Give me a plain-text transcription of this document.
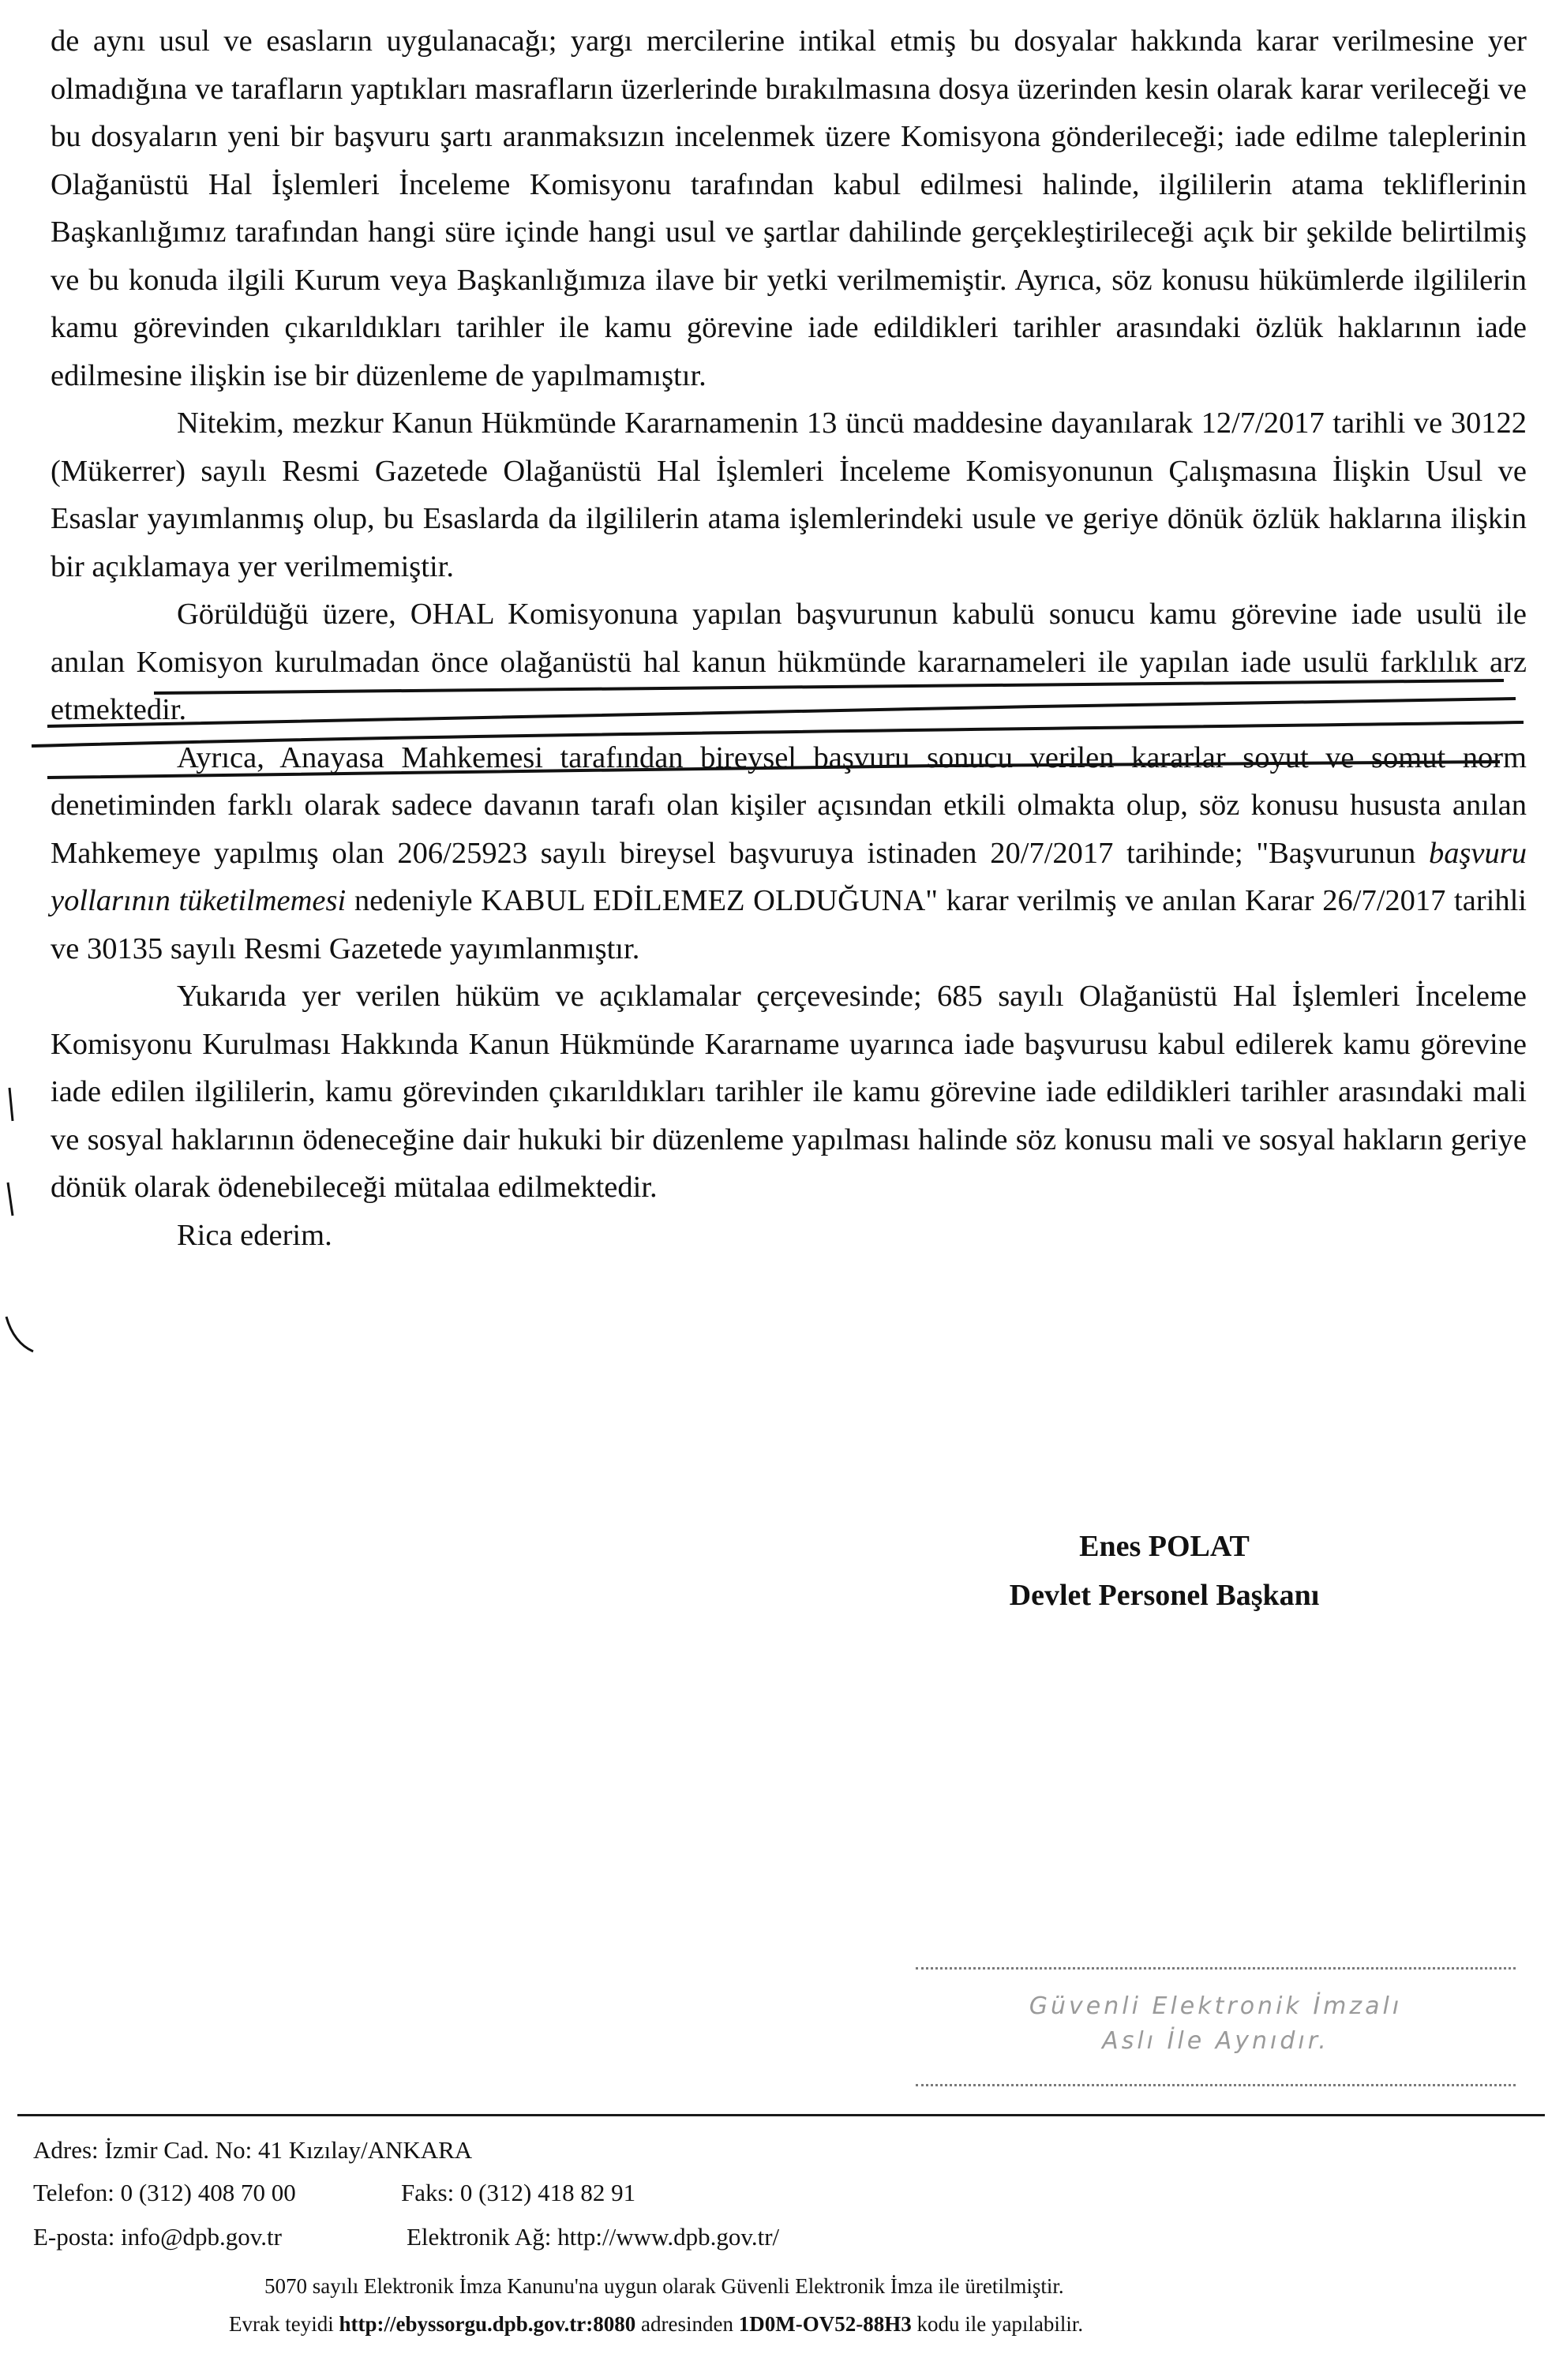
de aynı usul ve esasların uygulanacağı; yargı mercilerine intikal etmiş bu dosyalar hakkında karar verilmesine yer olmadığına ve tarafların yaptıkları masrafların üzerlerinde bırakılmasına dosya üzerinden kesin olarak karar verileceği ve bu dosyaların yeni bir başvuru şartı aranmaksızın incelenmek üzere Komisyona gönderileceği; iade edilme taleplerinin Olağanüstü Hal İşlemleri İnceleme Komisyonu tarafından kabul edilmesi halinde, ilgililerin atama tekliflerinin Başkanlığımız tarafından hangi süre içinde hangi usul ve şartlar dahilinde gerçekleştirileceği açık bir şekilde belirtilmiş ve bu konuda ilgili Kurum veya Başkanlığımıza ilave bir yetki verilmemiştir. Ayrıca, söz konusu hükümlerde ilgililerin kamu görevinden çıkarıldıkları tarihler ile kamu görevine iade edildikleri tarihler arasındaki özlük haklarının iade edilmesine ilişkin ise bir düzenleme de yapılmamıştır.

Nitekim, mezkur Kanun Hükmünde Kararnamenin 13 üncü maddesine dayanılarak 12/7/2017 tarihli ve 30122 (Mükerrer) sayılı Resmi Gazetede Olağanüstü Hal İşlemleri İnceleme Komisyonunun Çalışmasına İlişkin Usul ve Esaslar yayımlanmış olup, bu Esaslarda da ilgililerin atama işlemlerindeki usule ve geriye dönük özlük haklarına ilişkin bir açıklamaya yer verilmemiştir.

Görüldüğü üzere, OHAL Komisyonuna yapılan başvurunun kabulü sonucu kamu görevine iade usulü ile anılan Komisyon kurulmadan önce olağanüstü hal kanun hükmünde kararnameleri ile yapılan iade usulü farklılık arz etmektedir.

Ayrıca, Anayasa Mahkemesi tarafından bireysel başvuru sonucu verilen kararlar soyut ve somut norm denetiminden farklı olarak sadece davanın tarafı olan kişiler açısından etkili olmakta olup, söz konusu hususta anılan Mahkemeye yapılmış olan 206/25923 sayılı bireysel başvuruya istinaden 20/7/2017 tarihinde; "Başvurunun başvuru yollarının tüketilmemesi nedeniyle KABUL EDİLEMEZ OLDUĞUNA" karar verilmiş ve anılan Karar 26/7/2017 tarihli ve 30135 sayılı Resmi Gazetede yayımlanmıştır.

Yukarıda yer verilen hüküm ve açıklamalar çerçevesinde; 685 sayılı Olağanüstü Hal İşlemleri İnceleme Komisyonu Kurulması Hakkında Kanun Hükmünde Kararname uyarınca iade başvurusu kabul edilerek kamu görevine iade edilen ilgililerin, kamu görevinden çıkarıldıkları tarihler ile kamu görevine iade edildikleri tarihler arasındaki mali ve sosyal haklarının ödeneceğine dair hukuki bir düzenleme yapılması halinde söz konusu mali ve sosyal hakların geriye dönük olarak ödenebileceği mütalaa edilmektedir.

Rica ederim.

Enes POLAT
Devlet Personel Başkanı
Güvenli Elektronik İmzalı
Aslı İle Aynıdır.
Adres: İzmir Cad. No: 41 Kızılay/ANKARA
Telefon: 0 (312) 408 70 00	Faks: 0 (312) 418 82 91
E-posta: info@dpb.gov.tr	Elektronik Ağ: http://www.dpb.gov.tr/
5070 sayılı Elektronik İmza Kanunu'na uygun olarak Güvenli Elektronik İmza ile üretilmiştir.
Evrak teyidi http://ebyssorgu.dpb.gov.tr:8080 adresinden 1D0M-OV52-88H3 kodu ile yapılabilir.
